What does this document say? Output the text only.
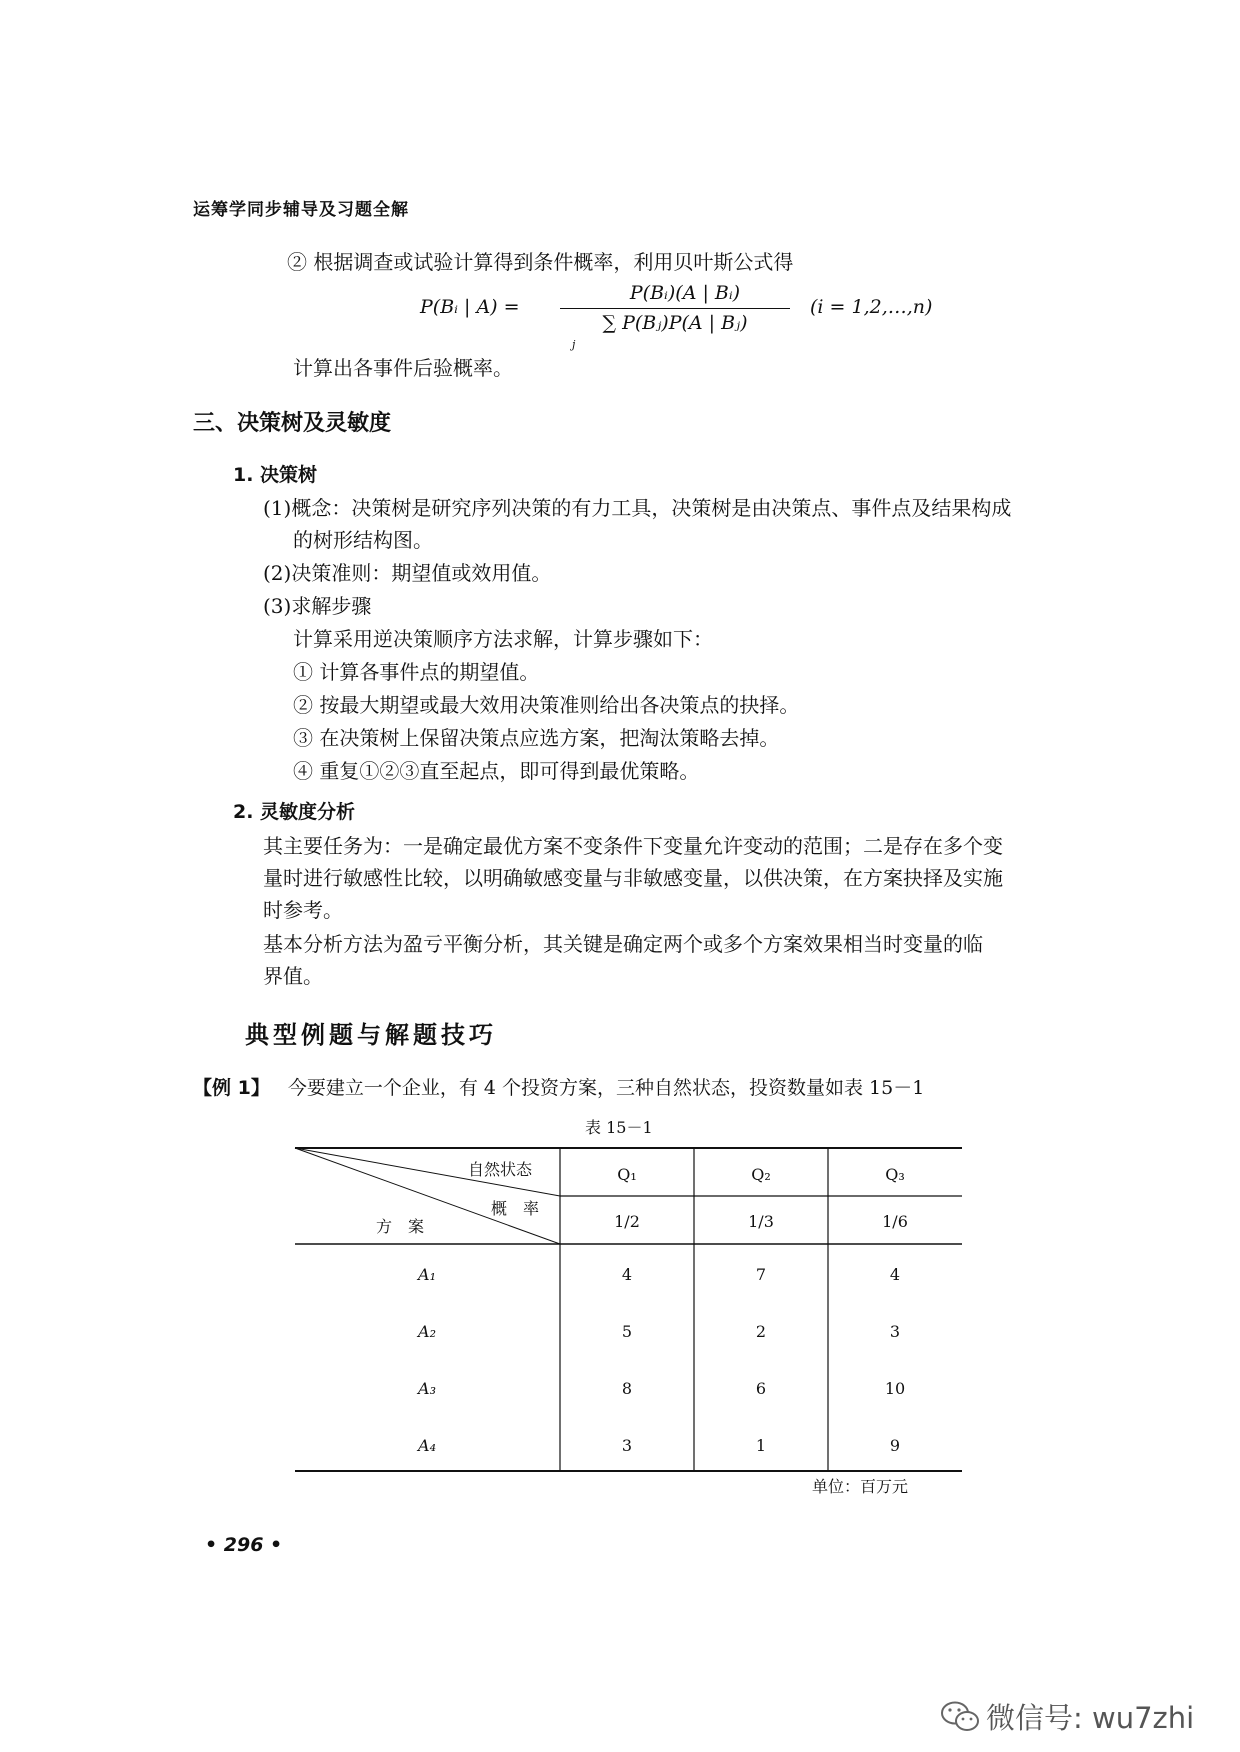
运筹学同步辅导及习题全解
② 根据调查或试验计算得到条件概率，利用贝叶斯公式得
P(Bᵢ | A) =
P(Bᵢ)(A | Bᵢ)
∑ P(Bⱼ)P(A | Bⱼ)
j
(i = 1,2,…,n)
计算出各事件后验概率。
三、决策树及灵敏度
1. 决策树
(1)概念：决策树是研究序列决策的有力工具，决策树是由决策点、事件点及结果构成
的树形结构图。
(2)决策准则：期望值或效用值。
(3)求解步骤
计算采用逆决策顺序方法求解，计算步骤如下：
① 计算各事件点的期望值。
② 按最大期望或最大效用决策准则给出各决策点的抉择。
③ 在决策树上保留决策点应选方案，把淘汰策略去掉。
④ 重复①②③直至起点，即可得到最优策略。
2. 灵敏度分析
其主要任务为：一是确定最优方案不变条件下变量允许变动的范围；二是存在多个变
量时进行敏感性比较，以明确敏感变量与非敏感变量，以供决策，在方案抉择及实施
时参考。
基本分析方法为盈亏平衡分析，其关键是确定两个或多个方案效果相当时变量的临
界值。
典型例题与解题技巧
【例 1】 今要建立一个企业，有 4 个投资方案，三种自然状态，投资数量如表 15－1
表 15－1
自然状态
概　率
方　案
Q₁	Q₂	Q₃
1/2	1/3	1/6
A₁	4	7	4
A₂	5	2	3
A₃	8	6	10
A₄	3	1	9
单位：百万元
• 296 •
微信号: wu7zhi
